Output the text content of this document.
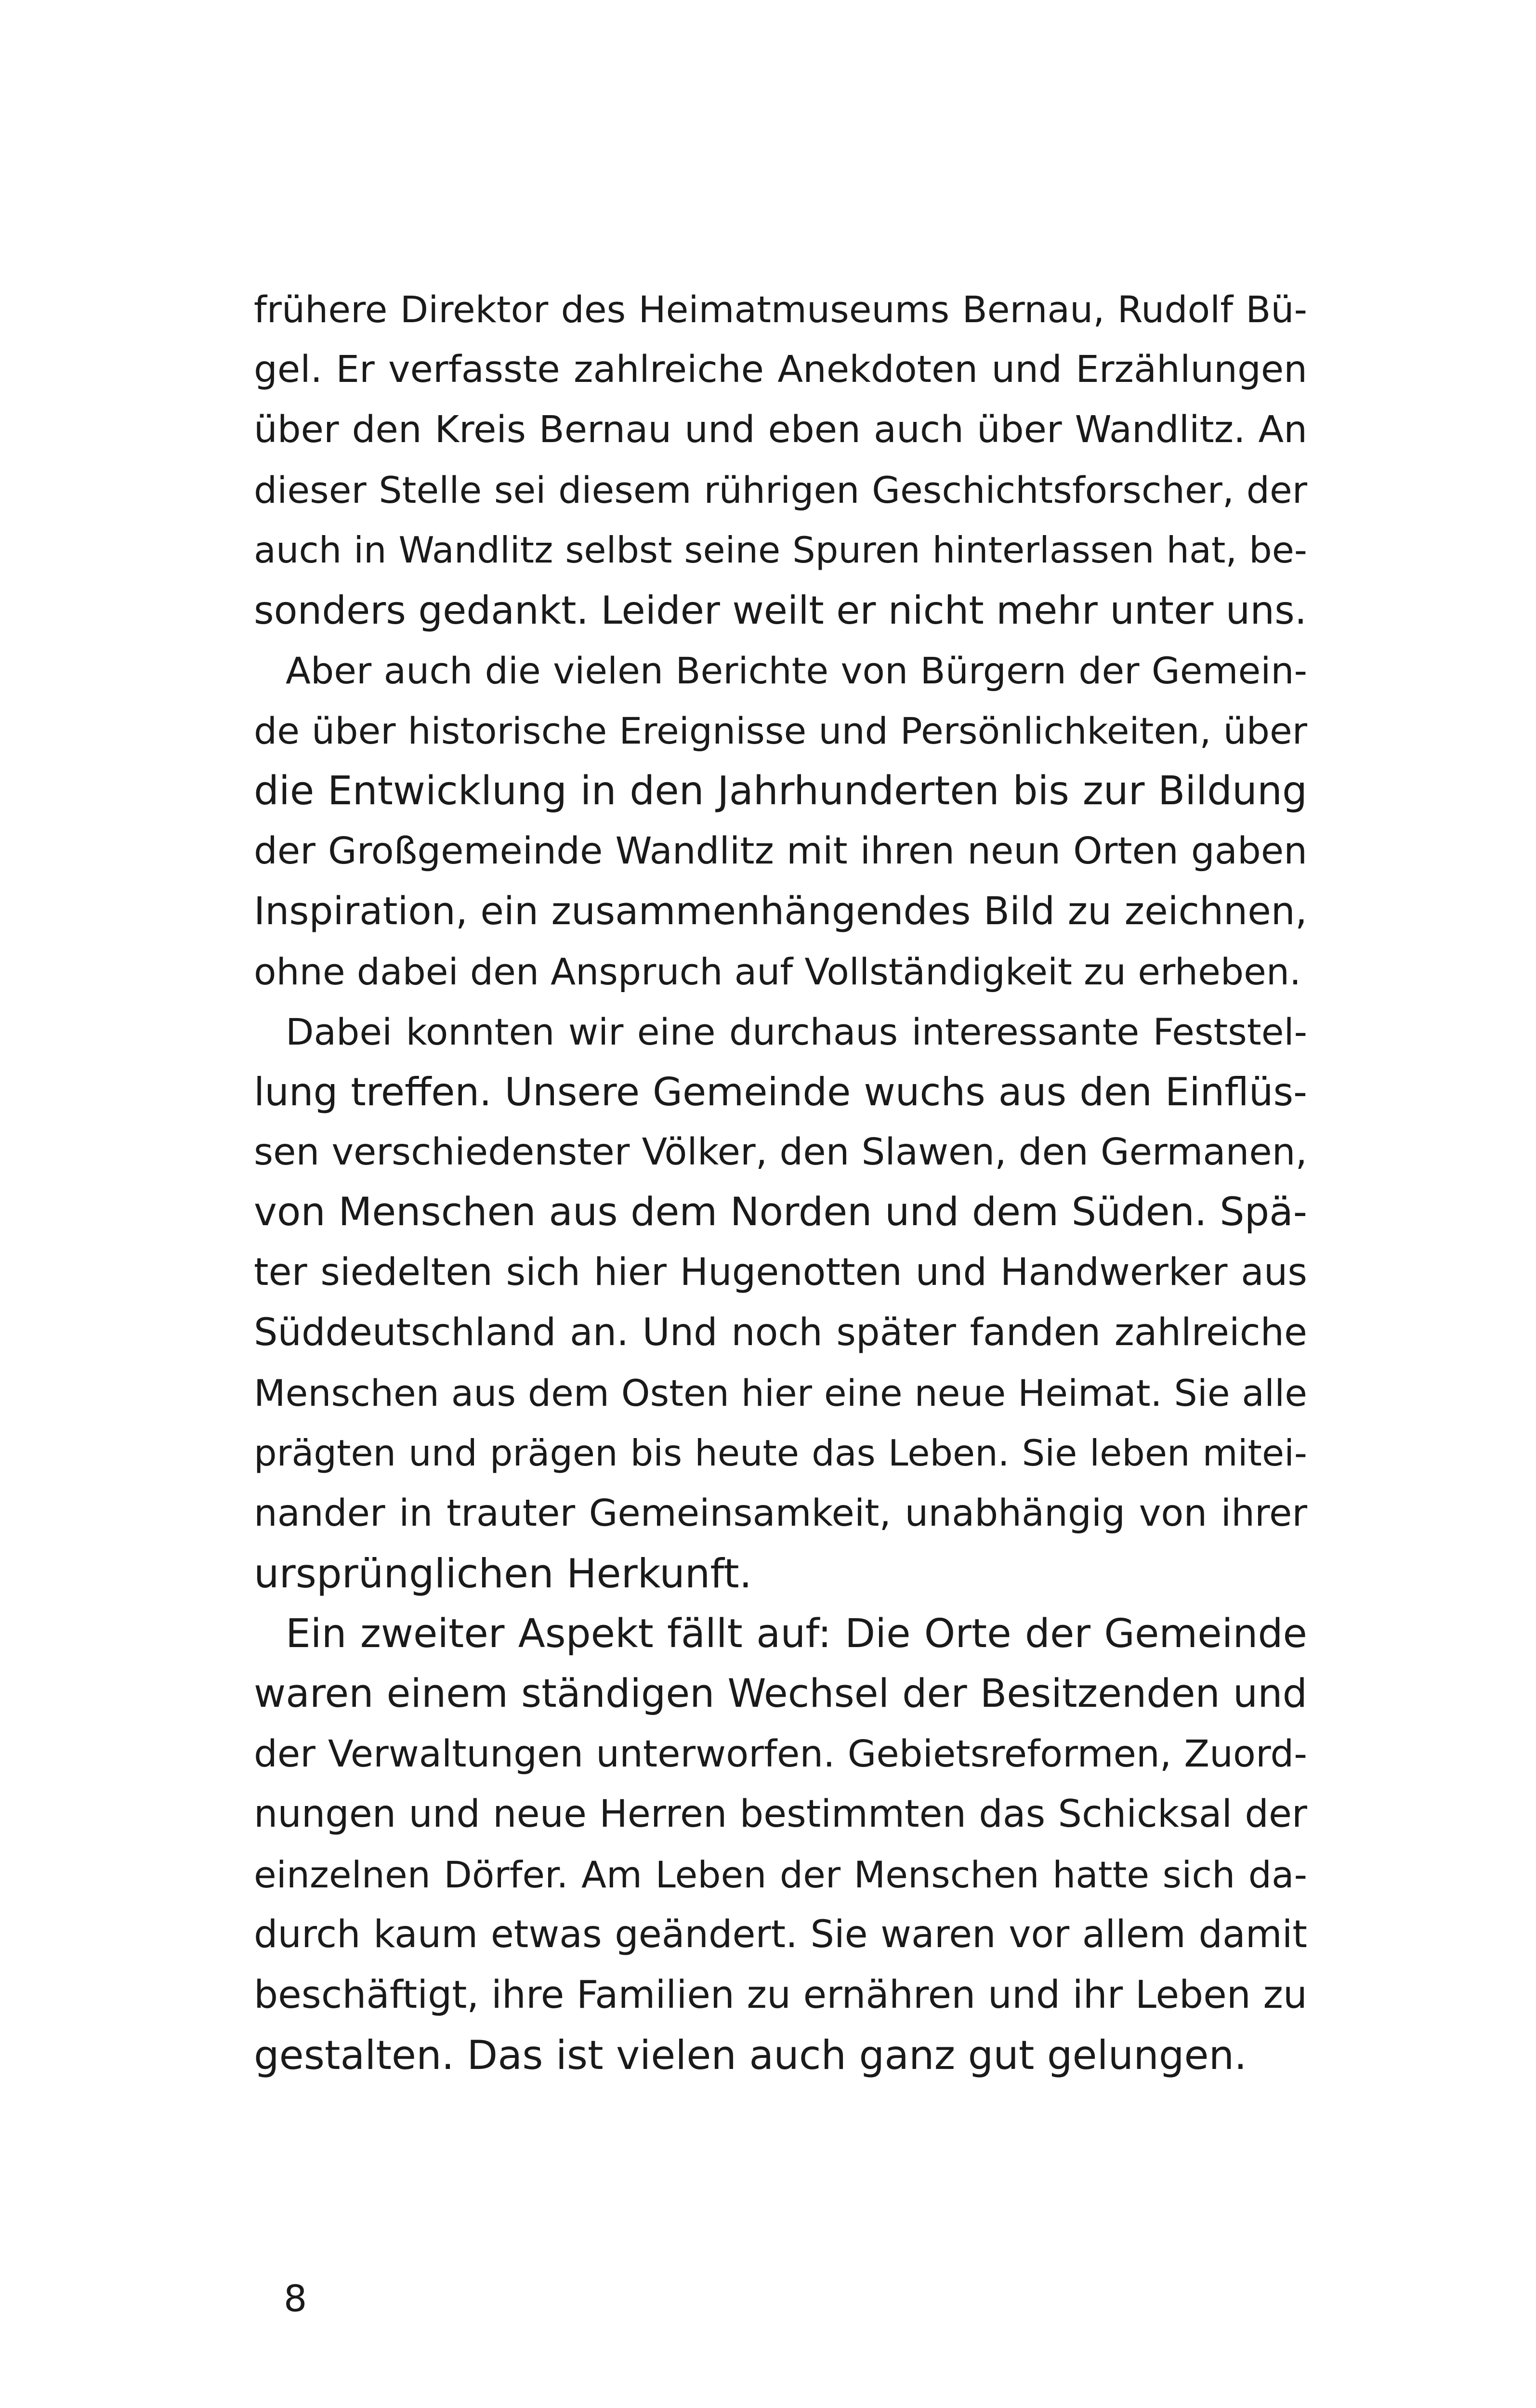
frühere Direktor des Heimatmuseums Bernau, Rudolf Bü-
gel. Er verfasste zahlreiche Anekdoten und Erzählungen
über den Kreis Bernau und eben auch über Wandlitz. An
dieser Stelle sei diesem rührigen Geschichtsforscher, der
auch in Wandlitz selbst seine Spuren hinterlassen hat, be-
sonders gedankt. Leider weilt er nicht mehr unter uns.
Aber auch die vielen Berichte von Bürgern der Gemein-
de über historische Ereignisse und Persönlichkeiten, über
die Entwicklung in den Jahrhunderten bis zur Bildung
der Großgemeinde Wandlitz mit ihren neun Orten gaben
Inspiration, ein zusammenhängendes Bild zu zeichnen,
ohne dabei den Anspruch auf Vollständigkeit zu erheben.
Dabei konnten wir eine durchaus interessante Feststel-
lung treffen. Unsere Gemeinde wuchs aus den Einflüs-
sen verschiedenster Völker, den Slawen, den Germanen,
von Menschen aus dem Norden und dem Süden. Spä-
ter siedelten sich hier Hugenotten und Handwerker aus
Süddeutschland an. Und noch später fanden zahlreiche
Menschen aus dem Osten hier eine neue Heimat. Sie alle
prägten und prägen bis heute das Leben. Sie leben mitei-
nander in trauter Gemeinsamkeit, unabhängig von ihrer
ursprünglichen Herkunft.
Ein zweiter Aspekt fällt auf: Die Orte der Gemeinde
waren einem ständigen Wechsel der Besitzenden und
der Verwaltungen unterworfen. Gebietsreformen, Zuord-
nungen und neue Herren bestimmten das Schicksal der
einzelnen Dörfer. Am Leben der Menschen hatte sich da-
durch kaum etwas geändert. Sie waren vor allem damit
beschäftigt, ihre Familien zu ernähren und ihr Leben zu
gestalten. Das ist vielen auch ganz gut gelungen.
8
